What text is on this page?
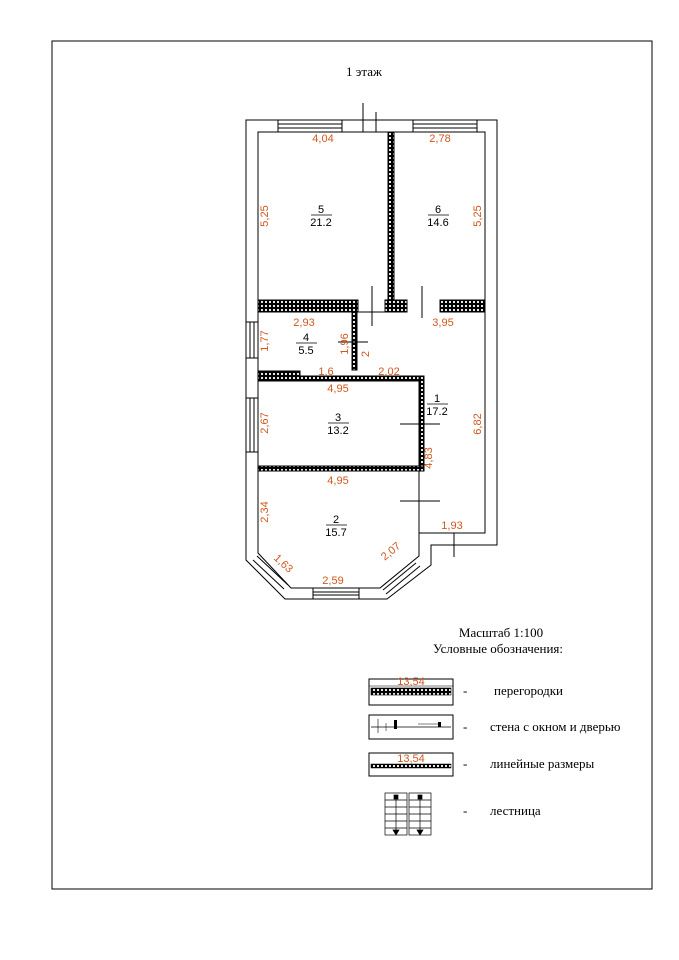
1 этаж
5
21.2
6
14.6
4
5.5
3
13.2
1
17.2
2
15.7
4,04	2,78
5,25	5,25
2,93	3,95
1,77	1,96 2
1,6	2,02
4,95
2,67
4,83
6,82
4,95
2,34
1,63
2,59
2,07
1,93
Масштаб 1:100
Условные обозначения:
13,54
- перегородки
- стена с окном и дверью
13,54	- линейные размеры
- лестница
